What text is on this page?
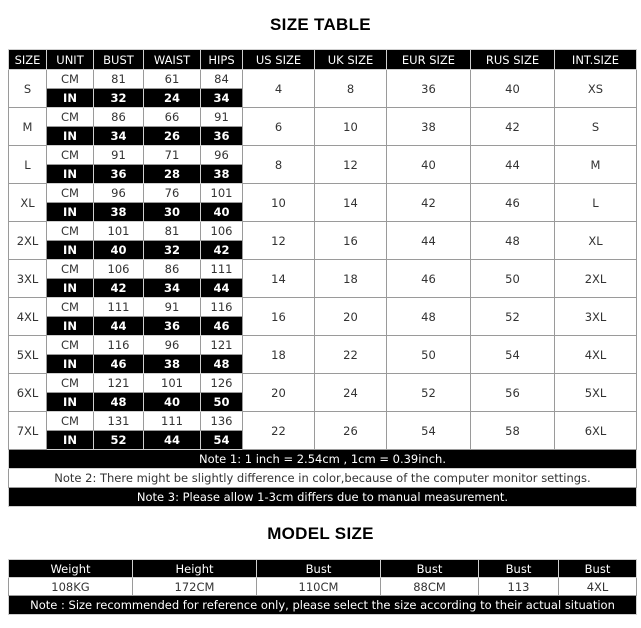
SIZE TABLE
SIZE	UNIT	BUST	WAIST	HIPS	US SIZE	UK SIZE	EUR SIZE	RUS SIZE	INT.SIZE
S	CM	81	61	84	4	8	36	40	XS
	IN	32	24	34					
M	CM	86	66	91	6	10	38	42	S
	IN	34	26	36					
L	CM	91	71	96	8	12	40	44	M
	IN	36	28	38					
XL	CM	96	76	101	10	14	42	46	L
	IN	38	30	40					
2XL	CM	101	81	106	12	16	44	48	XL
	IN	40	32	42					
3XL	CM	106	86	111	14	18	46	50	2XL
	IN	42	34	44					
4XL	CM	111	91	116	16	20	48	52	3XL
	IN	44	36	46					
5XL	CM	116	96	121	18	22	50	54	4XL
	IN	46	38	48					
6XL	CM	121	101	126	20	24	52	56	5XL
	IN	48	40	50					
7XL	CM	131	111	136	22	26	54	58	6XL
	IN	52	44	54					
Note 1: 1 inch = 2.54cm , 1cm = 0.39inch.									
Note 2: There might be slightly difference in color,because of the computer monitor settings.									
Note 3: Please allow 1-3cm differs due to manual measurement.									
MODEL SIZE
Weight	Height	Bust	Bust	Bust	Bust
108KG	172CM	110CM	88CM	113	4XL
Note : Size recommended for reference only, please select the size according to their actual situation					
